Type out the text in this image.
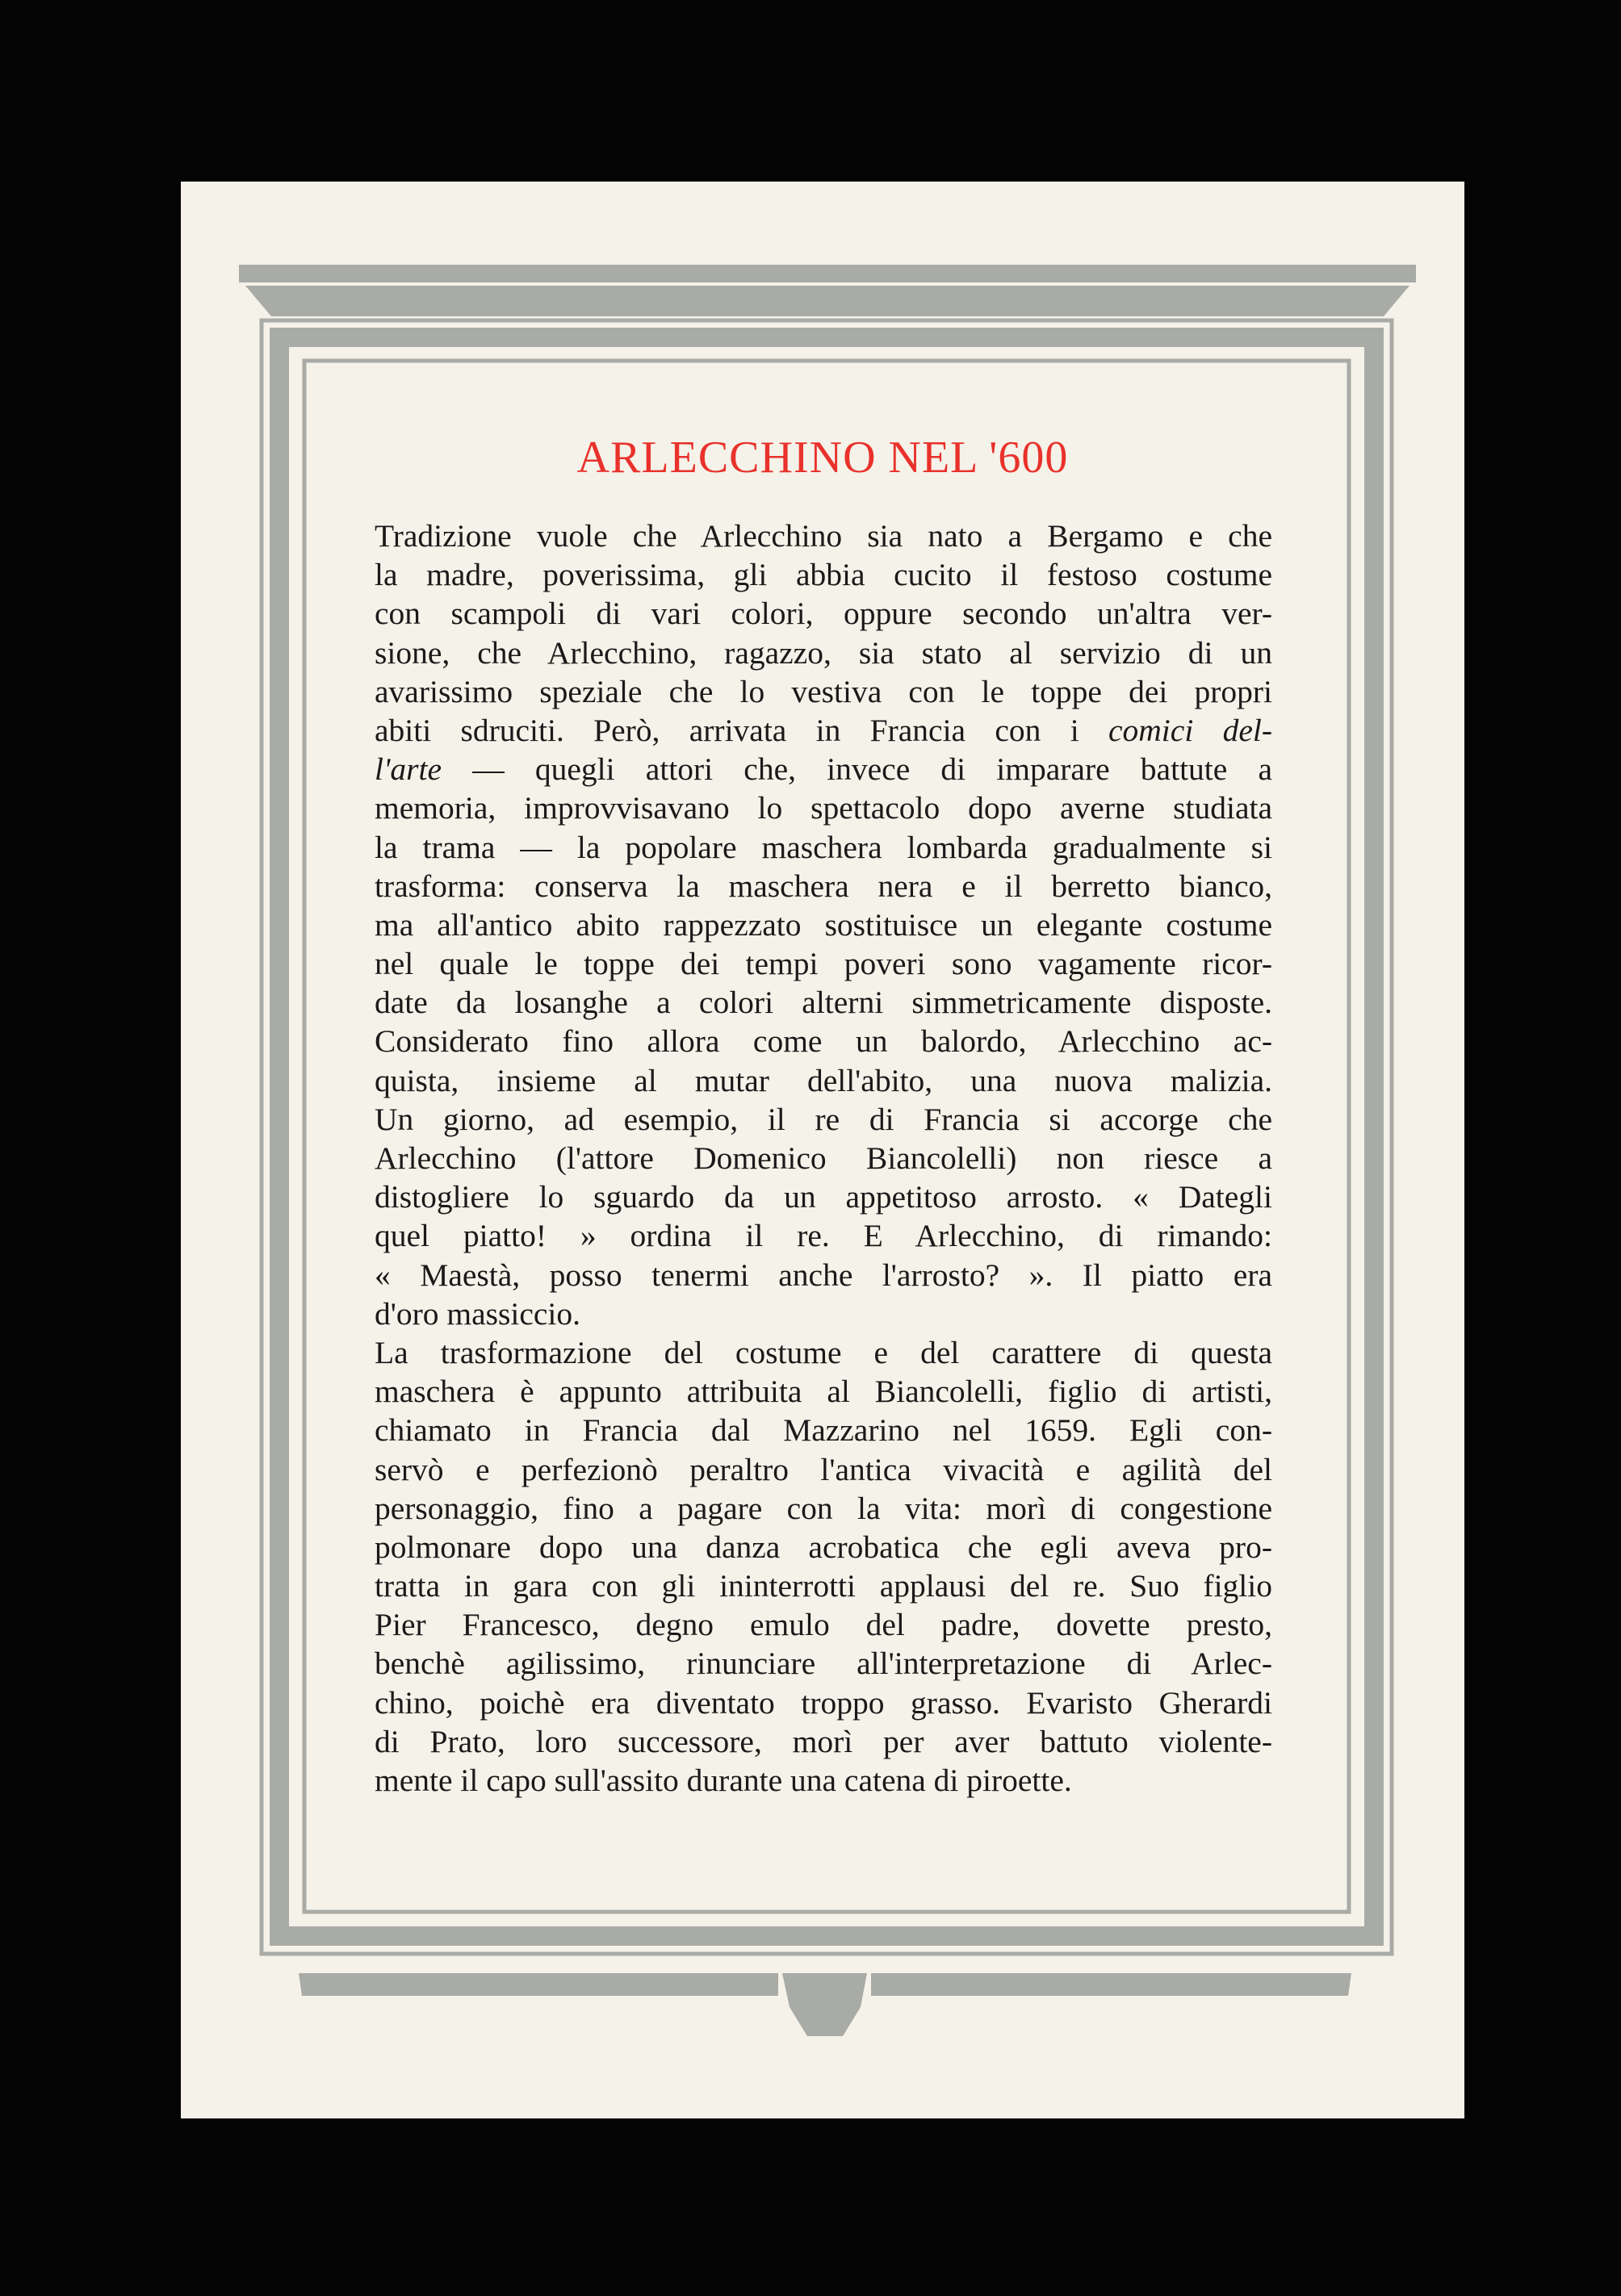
ARLECCHINO NEL '600
Tradizione vuole che Arlecchino sia nato a Bergamo e che
la madre, poverissima, gli abbia cucito il festoso costume
con scampoli di vari colori, oppure secondo un'altra ver-
sione, che Arlecchino, ragazzo, sia stato al servizio di un
avarissimo speziale che lo vestiva con le toppe dei propri
abiti sdruciti. Però, arrivata in Francia con i comici del-
l'arte — quegli attori che, invece di imparare battute a
memoria, improvvisavano lo spettacolo dopo averne studiata
la trama — la popolare maschera lombarda gradualmente si
trasforma: conserva la maschera nera e il berretto bianco,
ma all'antico abito rappezzato sostituisce un elegante costume
nel quale le toppe dei tempi poveri sono vagamente ricor-
date da losanghe a colori alterni simmetricamente disposte.
Considerato fino allora come un balordo, Arlecchino ac-
quista, insieme al mutar dell'abito, una nuova malizia.
Un giorno, ad esempio, il re di Francia si accorge che
Arlecchino (l'attore Domenico Biancolelli) non riesce a
distogliere lo sguardo da un appetitoso arrosto. « Dategli
quel piatto! » ordina il re. E Arlecchino, di rimando:
« Maestà, posso tenermi anche l'arrosto? ». Il piatto era
d'oro massiccio.
La trasformazione del costume e del carattere di questa
maschera è appunto attribuita al Biancolelli, figlio di artisti,
chiamato in Francia dal Mazzarino nel 1659. Egli con-
servò e perfezionò peraltro l'antica vivacità e agilità del
personaggio, fino a pagare con la vita: morì di congestione
polmonare dopo una danza acrobatica che egli aveva pro-
tratta in gara con gli ininterrotti applausi del re. Suo figlio
Pier Francesco, degno emulo del padre, dovette presto,
benchè agilissimo, rinunciare all'interpretazione di Arlec-
chino, poichè era diventato troppo grasso. Evaristo Gherardi
di Prato, loro successore, morì per aver battuto violente-
mente il capo sull'assito durante una catena di piroette.
